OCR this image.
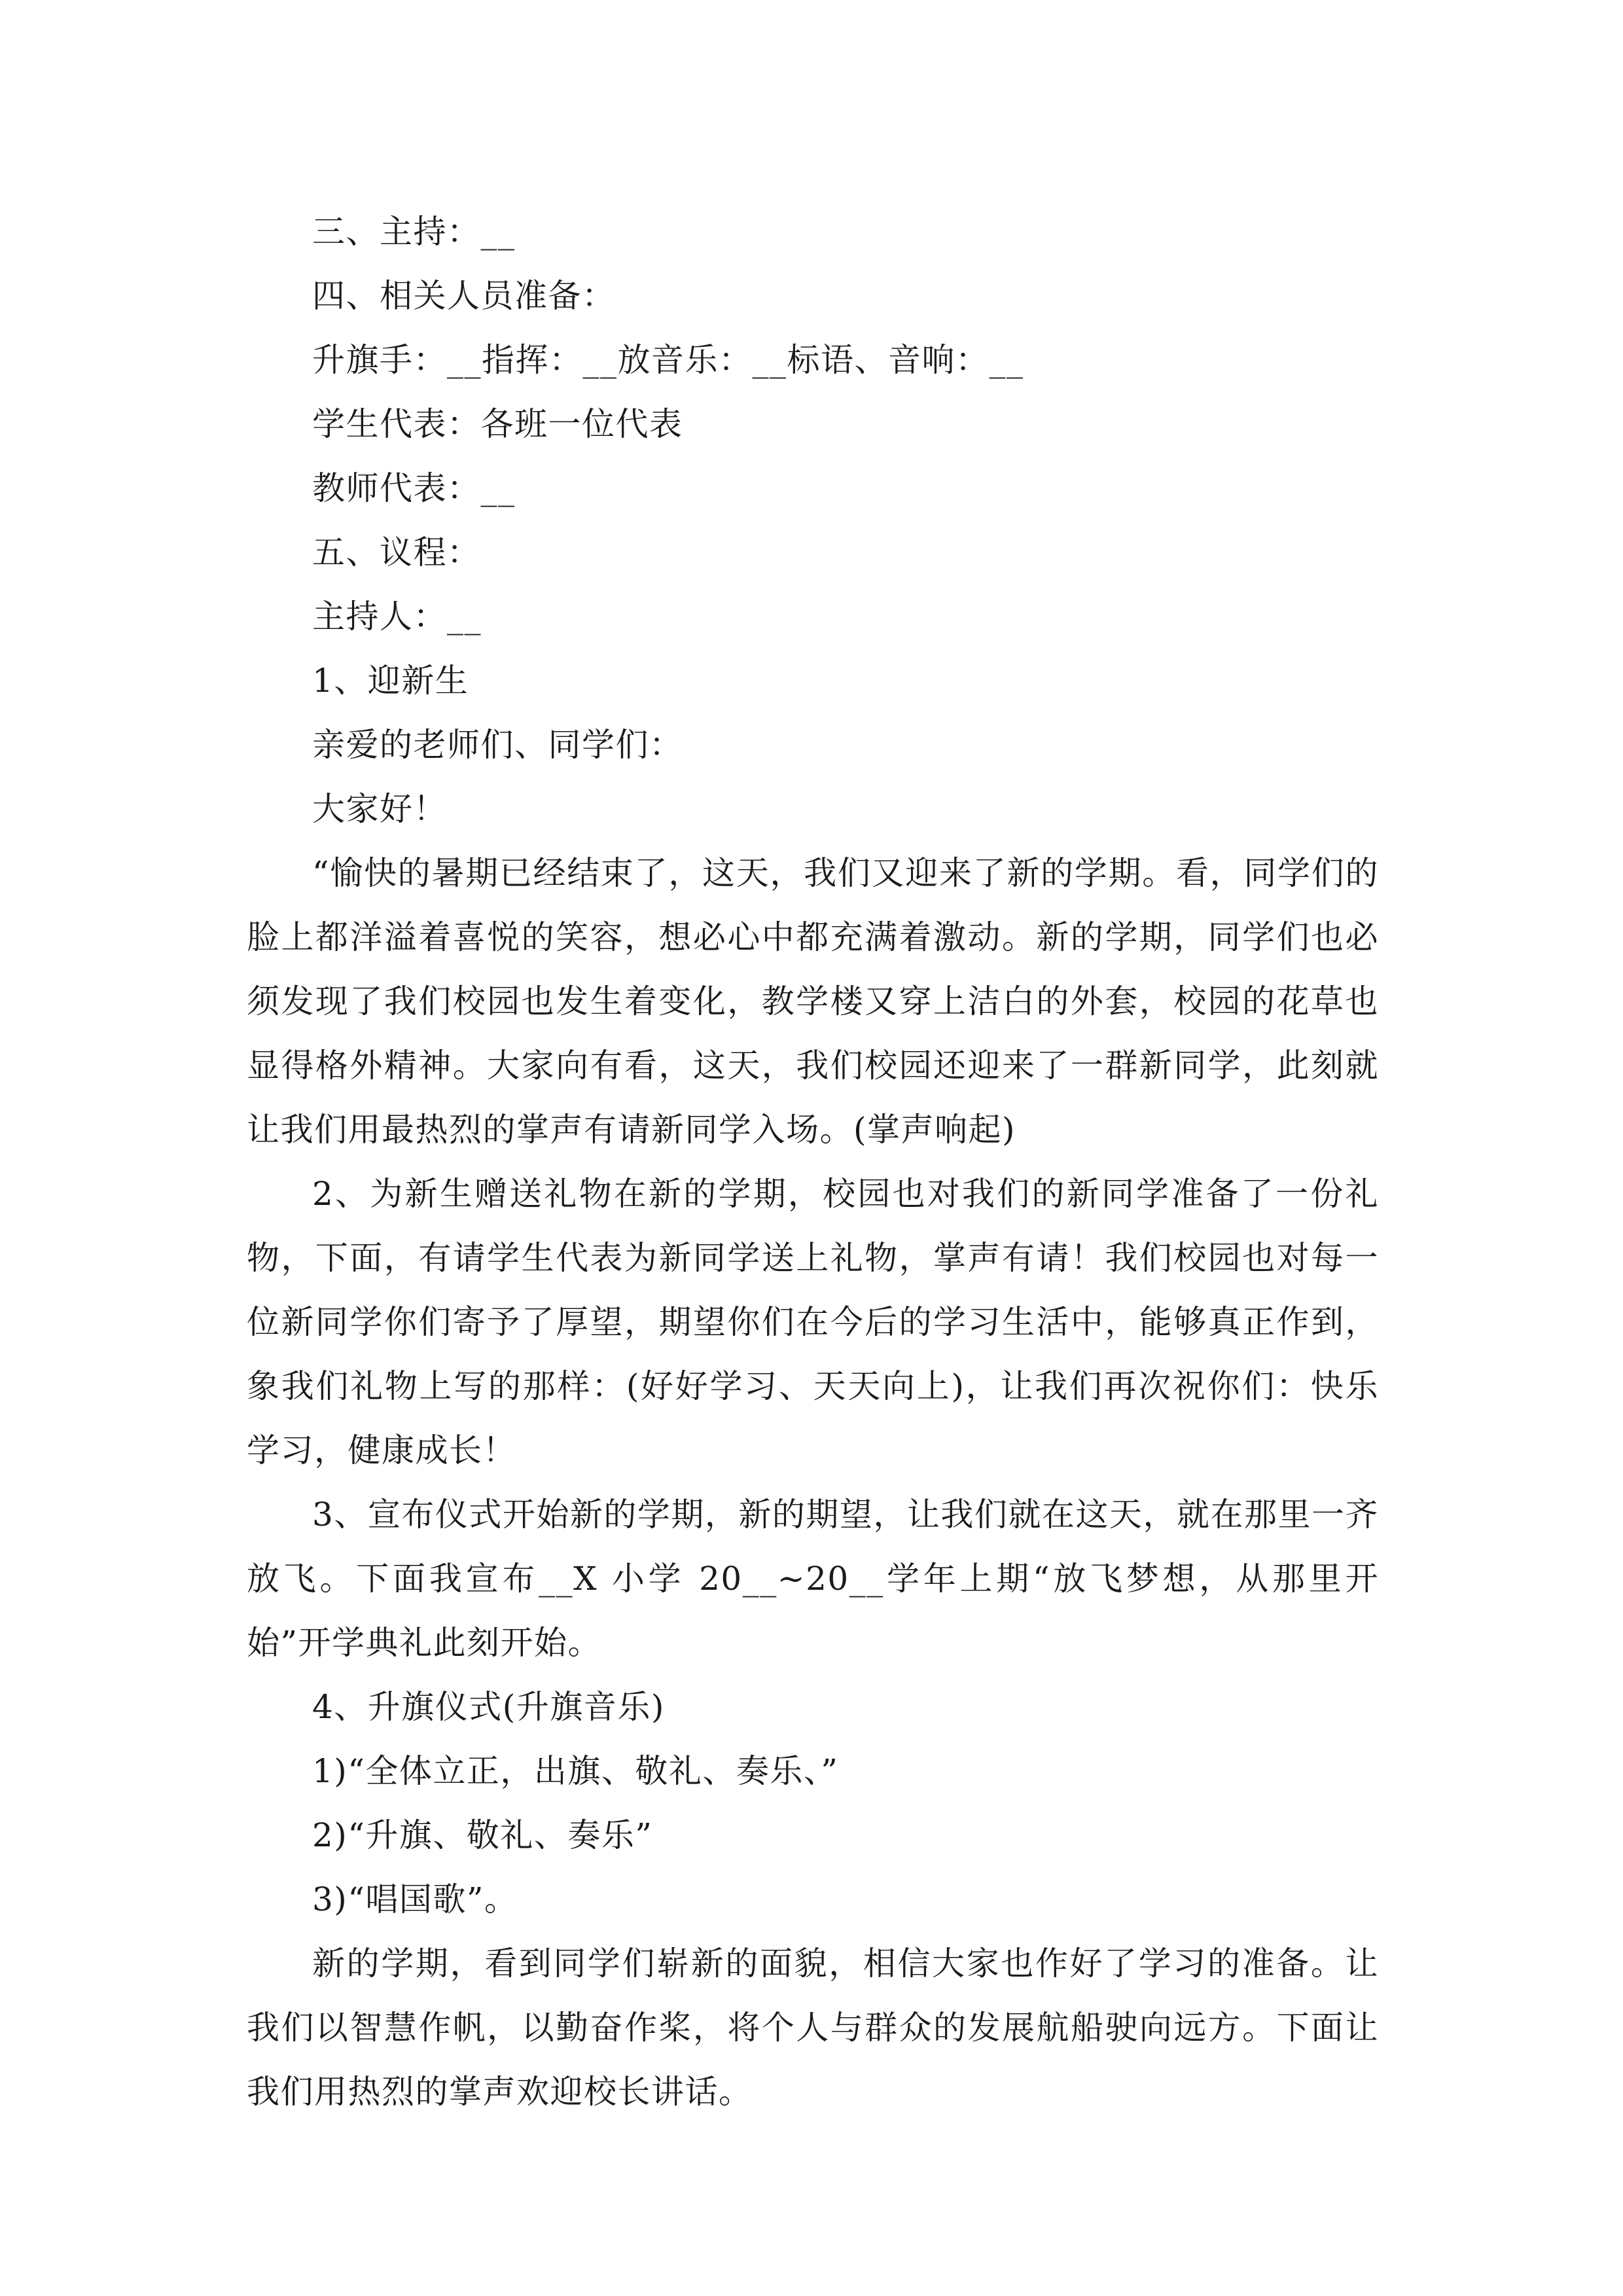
三、主持：__

四、相关人员准备：

升旗手：__指挥：__放音乐：__标语、音响：__

学生代表：各班一位代表

教师代表：__

五、议程：

主持人：__

1、迎新生

亲爱的老师们、同学们：

大家好！

“愉快的暑期已经结束了，这天，我们又迎来了新的学期。看，同学们的脸上都洋溢着喜悦的笑容，想必心中都充满着激动。新的学期，同学们也必须发现了我们校园也发生着变化，教学楼又穿上洁白的外套，校园的花草也显得格外精神。大家向有看，这天，我们校园还迎来了一群新同学，此刻就让我们用最热烈的掌声有请新同学入场。(掌声响起)

2、为新生赠送礼物在新的学期，校园也对我们的新同学准备了一份礼物，下面，有请学生代表为新同学送上礼物，掌声有请！我们校园也对每一位新同学你们寄予了厚望，期望你们在今后的学习生活中，能够真正作到，象我们礼物上写的那样：(好好学习、天天向上)，让我们再次祝你们：快乐学习，健康成长！

3、宣布仪式开始新的学期，新的期望，让我们就在这天，就在那里一齐放飞。下面我宣布__X 小学 20__~20__学年上期“放飞梦想，从那里开始”开学典礼此刻开始。

4、升旗仪式(升旗音乐)

1)“全体立正，出旗、敬礼、奏乐、”

2)“升旗、敬礼、奏乐”

3)“唱国歌”。

新的学期，看到同学们崭新的面貌，相信大家也作好了学习的准备。让我们以智慧作帆，以勤奋作桨，将个人与群众的发展航船驶向远方。下面让我们用热烈的掌声欢迎校长讲话。
